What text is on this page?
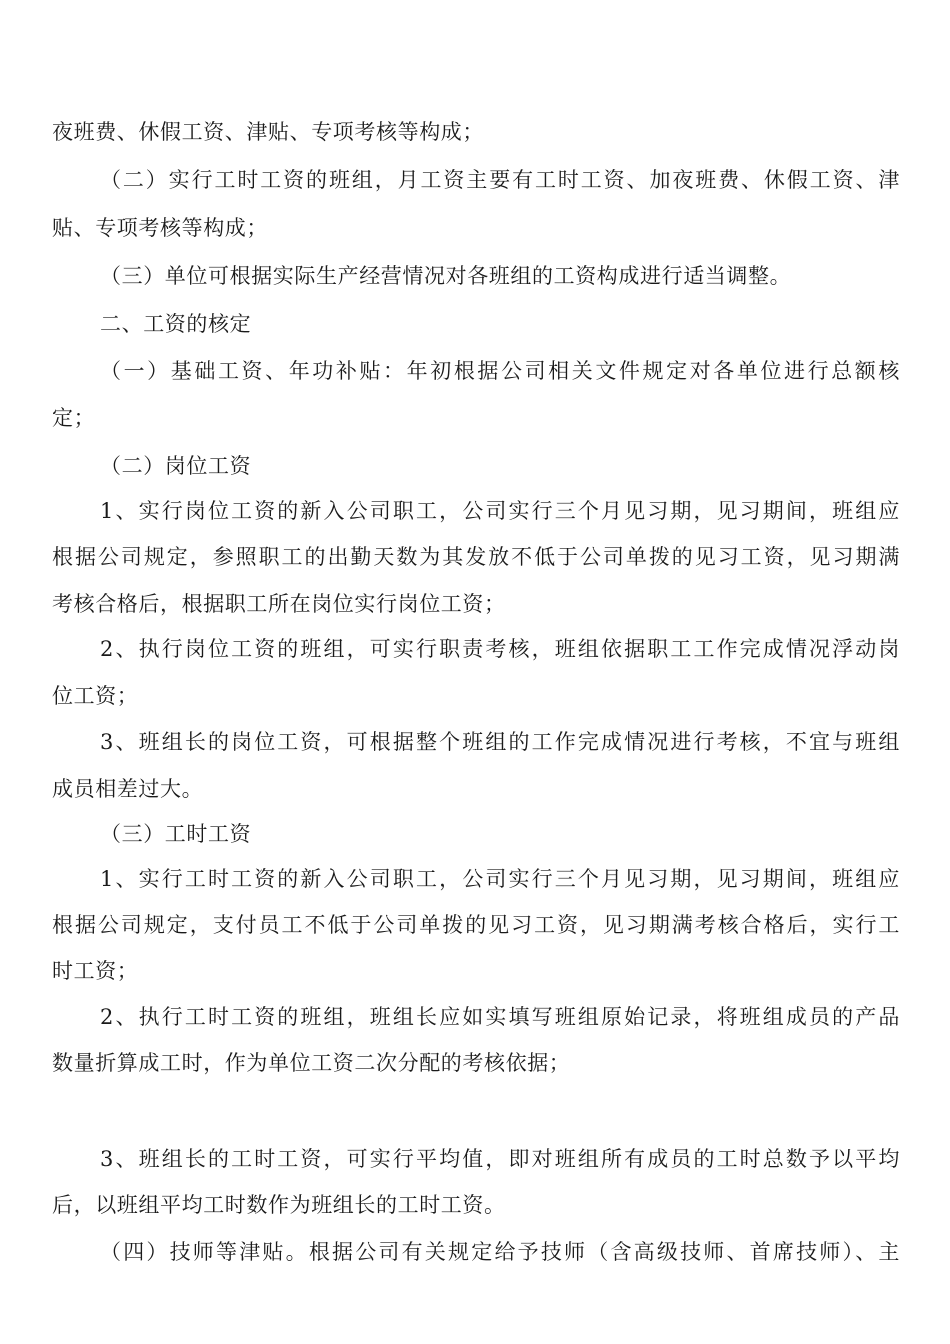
夜班费、休假工资、津贴、专项考核等构成；
（二）实行工时工资的班组，月工资主要有工时工资、加夜班费、休假工资、津
贴、专项考核等构成；
（三）单位可根据实际生产经营情况对各班组的工资构成进行适当调整。
二、工资的核定
（一）基础工资、年功补贴：年初根据公司相关文件规定对各单位进行总额核
定；
（二）岗位工资
1、实行岗位工资的新入公司职工，公司实行三个月见习期，见习期间，班组应
根据公司规定，参照职工的出勤天数为其发放不低于公司单拨的见习工资，见习期满
考核合格后，根据职工所在岗位实行岗位工资；
2、执行岗位工资的班组，可实行职责考核，班组依据职工工作完成情况浮动岗
位工资；
3、班组长的岗位工资，可根据整个班组的工作完成情况进行考核，不宜与班组
成员相差过大。
（三）工时工资
1、实行工时工资的新入公司职工，公司实行三个月见习期，见习期间，班组应
根据公司规定，支付员工不低于公司单拨的见习工资，见习期满考核合格后，实行工
时工资；
2、执行工时工资的班组，班组长应如实填写班组原始记录，将班组成员的产品
数量折算成工时，作为单位工资二次分配的考核依据；
3、班组长的工时工资，可实行平均值，即对班组所有成员的工时总数予以平均
后，以班组平均工时数作为班组长的工时工资。
（四）技师等津贴。根据公司有关规定给予技师（含高级技师、首席技师）、主
